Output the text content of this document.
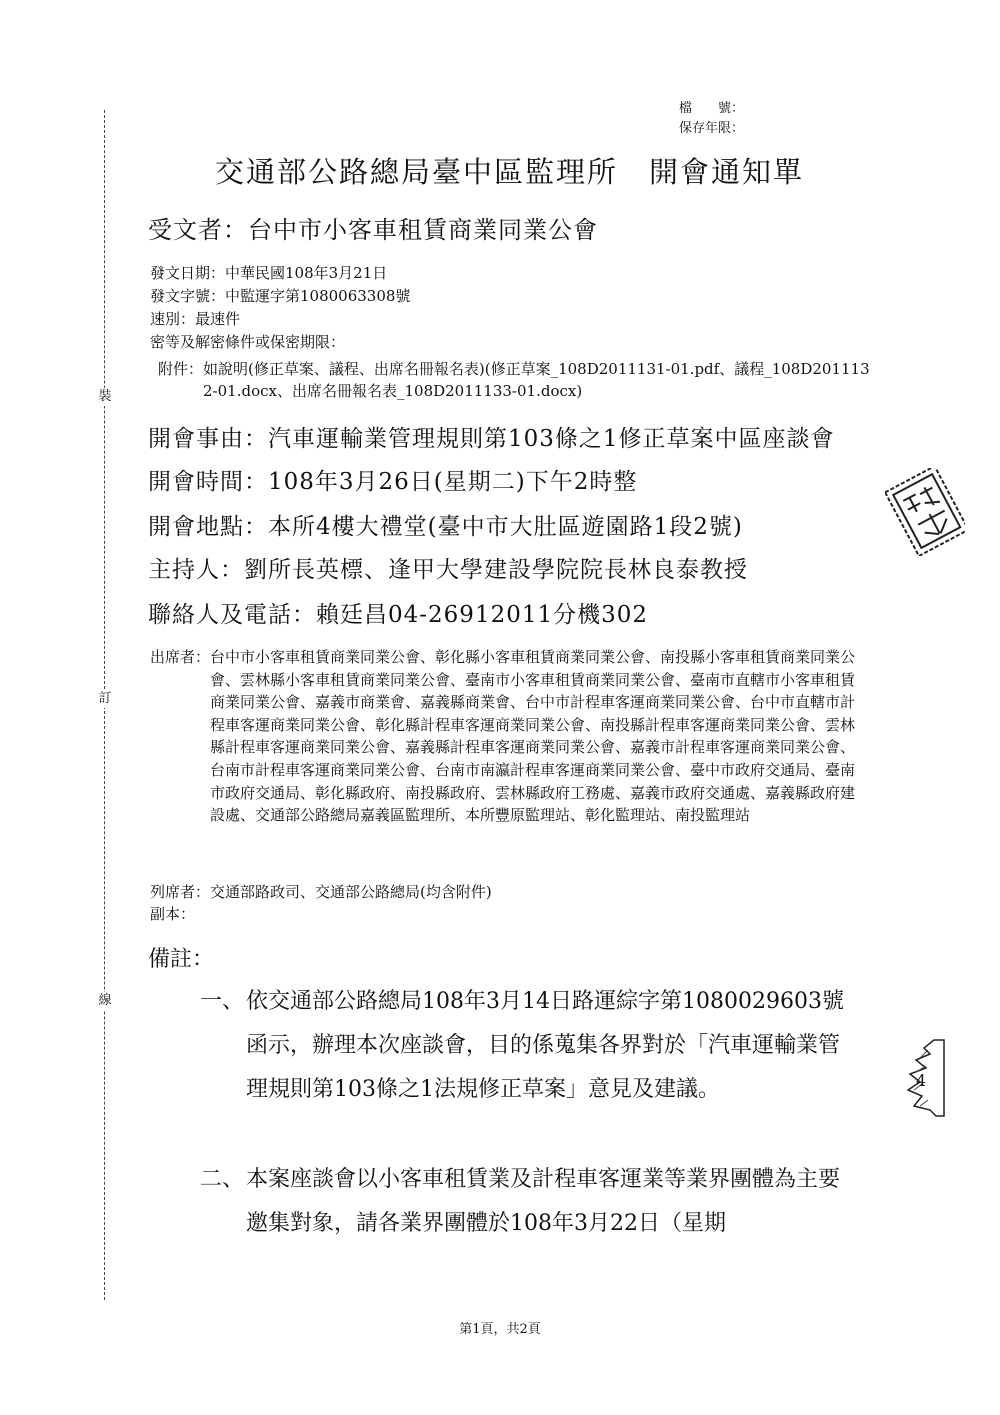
裝
訂
線
檔　　號：
保存年限：
交通部公路總局臺中區監理所　開會通知單
受文者：台中市小客車租賃商業同業公會
發文日期：中華民國108年3月21日
發文字號：中監運字第1080063308號
速別：最速件
密等及解密條件或保密期限：
附件： 如說明(修正草案、議程、出席名冊報名表)(修正草案_108D2011131-01.pdf、議程_108D2011132-01.docx、出席名冊報名表_108D2011133-01.docx)
開會事由：汽車運輸業管理規則第103條之1修正草案中區座談會
開會時間：108年3月26日(星期二)下午2時整
開會地點：本所4樓大禮堂(臺中市大肚區遊園路1段2號)
主持人：劉所長英標、逢甲大學建設學院院長林良泰教授
聯絡人及電話：賴廷昌04-26912011分機302
出席者： 台中市小客車租賃商業同業公會、彰化縣小客車租賃商業同業公會、南投縣小客車租賃商業同業公會、雲林縣小客車租賃商業同業公會、臺南市小客車租賃商業同業公會、臺南市直轄市小客車租賃商業同業公會、嘉義市商業會、嘉義縣商業會、台中市計程車客運商業同業公會、台中市直轄市計程車客運商業同業公會、彰化縣計程車客運商業同業公會、南投縣計程車客運商業同業公會、雲林縣計程車客運商業同業公會、嘉義縣計程車客運商業同業公會、嘉義市計程車客運商業同業公會、台南市計程車客運商業同業公會、台南市南瀛計程車客運商業同業公會、臺中市政府交通局、臺南市政府交通局、彰化縣政府、南投縣政府、雲林縣政府工務處、嘉義市政府交通處、嘉義縣政府建設處、交通部公路總局嘉義區監理所、本所豐原監理站、彰化監理站、南投監理站
列席者：交通部路政司、交通部公路總局(均含附件)
副本：
備註：
一、 依交通部公路總局108年3月14日路運綜字第1080029603號函示，辦理本次座談會，目的係蒐集各界對於「汽車運輸業管理規則第103條之1法規修正草案」意見及建議。
二、 本案座談會以小客車租賃業及計程車客運業等業界團體為主要邀集對象，請各業界團體於108年3月22日（星期
4
第1頁，共2頁
